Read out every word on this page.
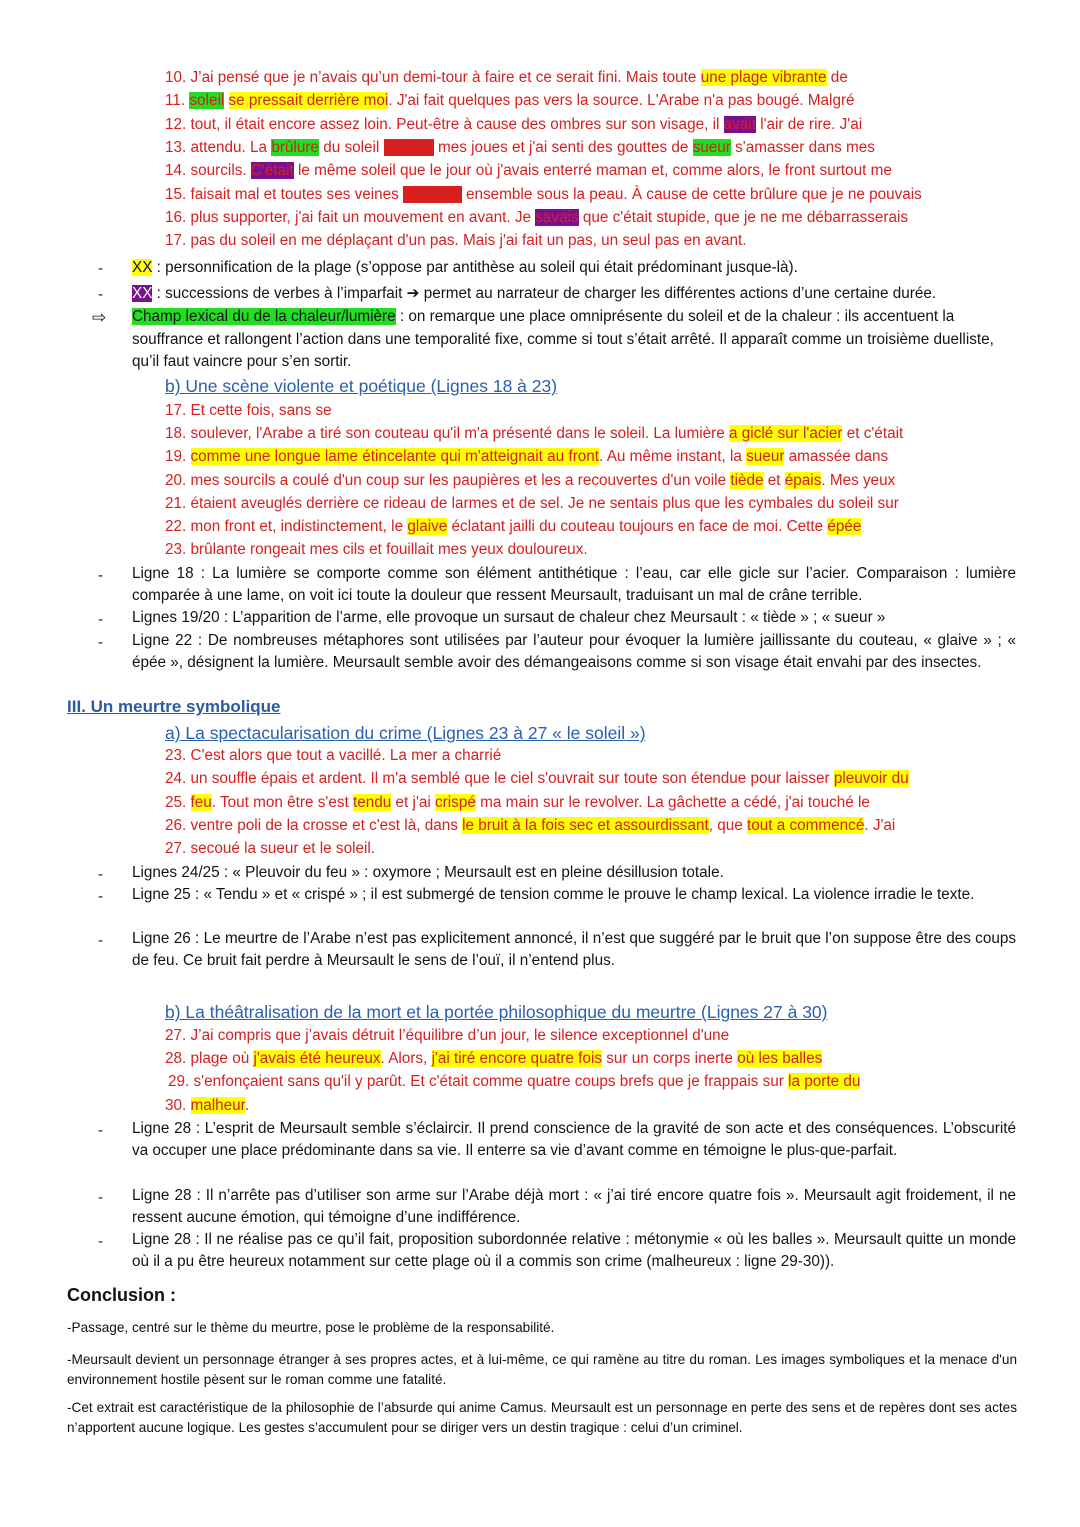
10. J’ai pensé que je n’avais qu’un demi-tour à faire et ce serait fini. Mais toute une plage vibrante de
11. soleil se pressait derrière moi. J'ai fait quelques pas vers la source. L'Arabe n'a pas bougé. Malgré
12. tout, il était encore assez loin. Peut-être à cause des ombres sur son visage, il avait l'air de rire. J'ai
13. attendu. La brûlure du soleil gagnait mes joues et j'ai senti des gouttes de sueur s'amasser dans mes
14. sourcils. C'était le même soleil que le jour où j'avais enterré maman et, comme alors, le front surtout me
15. faisait mal et toutes ses veines battaient ensemble sous la peau. À cause de cette brûlure que je ne pouvais
16. plus supporter, j'ai fait un mouvement en avant. Je savais que c'était stupide, que je ne me débarrasserais
17. pas du soleil en me déplaçant d'un pas. Mais j'ai fait un pas, un seul pas en avant.
- XX : personnification de la plage (s’oppose par antithèse au soleil qui était prédominant jusque-là).
- XX : successions de verbes à l’imparfait ➔ permet au narrateur de charger les différentes actions d’une certaine durée.
⇨ Champ lexical du de la chaleur/lumière : on remarque une place omniprésente du soleil et de la chaleur : ils accentuent la souffrance et rallongent l’action dans une temporalité fixe, comme si tout s’était arrêté. Il apparaît comme un troisième duelliste, qu’il faut vaincre pour s’en sortir.
b) Une scène violente et poétique (Lignes 18 à 23)
17. Et cette fois, sans se
18. soulever, l'Arabe a tiré son couteau qu'il m'a présenté dans le soleil. La lumière a giclé sur l'acier et c'était
19. comme une longue lame étincelante qui m'atteignait au front. Au même instant, la sueur amassée dans
20. mes sourcils a coulé d'un coup sur les paupières et les a recouvertes d'un voile tiède et épais. Mes yeux
21. étaient aveuglés derrière ce rideau de larmes et de sel. Je ne sentais plus que les cymbales du soleil sur
22. mon front et, indistinctement, le glaive éclatant jailli du couteau toujours en face de moi. Cette épée
23. brûlante rongeait mes cils et fouillait mes yeux douloureux.
- Ligne 18 : La lumière se comporte comme son élément antithétique : l’eau, car elle gicle sur l’acier. Comparaison : lumière comparée à une lame, on voit ici toute la douleur que ressent Meursault, traduisant un mal de crâne terrible.
- Lignes 19/20 : L’apparition de l’arme, elle provoque un sursaut de chaleur chez Meursault : « tiède » ; « sueur »
- Ligne 22 : De nombreuses métaphores sont utilisées par l’auteur pour évoquer la lumière jaillissante du couteau, « glaive » ; « épée », désignent la lumière. Meursault semble avoir des démangeaisons comme si son visage était envahi par des insectes.
III. Un meurtre symbolique
a) La spectacularisation du crime (Lignes 23 à 27 « le soleil »)
23. C'est alors que tout a vacillé. La mer a charrié
24. un souffle épais et ardent. Il m'a semblé que le ciel s'ouvrait sur toute son étendue pour laisser pleuvoir du
25. feu. Tout mon être s'est tendu et j'ai crispé ma main sur le revolver. La gâchette a cédé, j'ai touché le
26. ventre poli de la crosse et c'est là, dans le bruit à la fois sec et assourdissant, que tout a commencé. J'ai
27. secoué la sueur et le soleil.
- Lignes 24/25 : « Pleuvoir du feu » : oxymore ; Meursault est en pleine désillusion totale.
- Ligne 25 : « Tendu » et « crispé » ; il est submergé de tension comme le prouve le champ lexical. La violence irradie le texte.
- Ligne 26 : Le meurtre de l’Arabe n’est pas explicitement annoncé, il n’est que suggéré par le bruit que l’on suppose être des coups de feu. Ce bruit fait perdre à Meursault le sens de l’ouï, il n’entend plus.
b) La théâtralisation de la mort et la portée philosophique du meurtre (Lignes 27 à 30)
27. J’ai compris que j’avais détruit l’équilibre d’un jour, le silence exceptionnel d'une
28. plage où j'avais été heureux. Alors, j'ai tiré encore quatre fois sur un corps inerte où les balles
29. s'enfonçaient sans qu'il y parût. Et c'était comme quatre coups brefs que je frappais sur la porte du
30. malheur.
- Ligne 28 : L’esprit de Meursault semble s’éclaircir. Il prend conscience de la gravité de son acte et des conséquences. L’obscurité va occuper une place prédominante dans sa vie. Il enterre sa vie d’avant comme en témoigne le plus-que-parfait.
- Ligne 28 : Il n’arrête pas d’utiliser son arme sur l’Arabe déjà mort : « j’ai tiré encore quatre fois ». Meursault agit froidement, il ne ressent aucune émotion, qui témoigne d’une indifférence.
- Ligne 28 : Il ne réalise pas ce qu’il fait, proposition subordonnée relative : métonymie « où les balles ». Meursault quitte un monde où il a pu être heureux notamment sur cette plage où il a commis son crime (malheureux : ligne 29-30)).
Conclusion :
-Passage, centré sur le thème du meurtre, pose le problème de la responsabilité.
-Meursault devient un personnage étranger à ses propres actes, et à lui-même, ce qui ramène au titre du roman. Les images symboliques et la menace d'un environnement hostile pèsent sur le roman comme une fatalité.
-Cet extrait est caractéristique de la philosophie de l’absurde qui anime Camus. Meursault est un personnage en perte des sens et de repères dont ses actes n’apportent aucune logique. Les gestes s’accumulent pour se diriger vers un destin tragique : celui d’un criminel.
